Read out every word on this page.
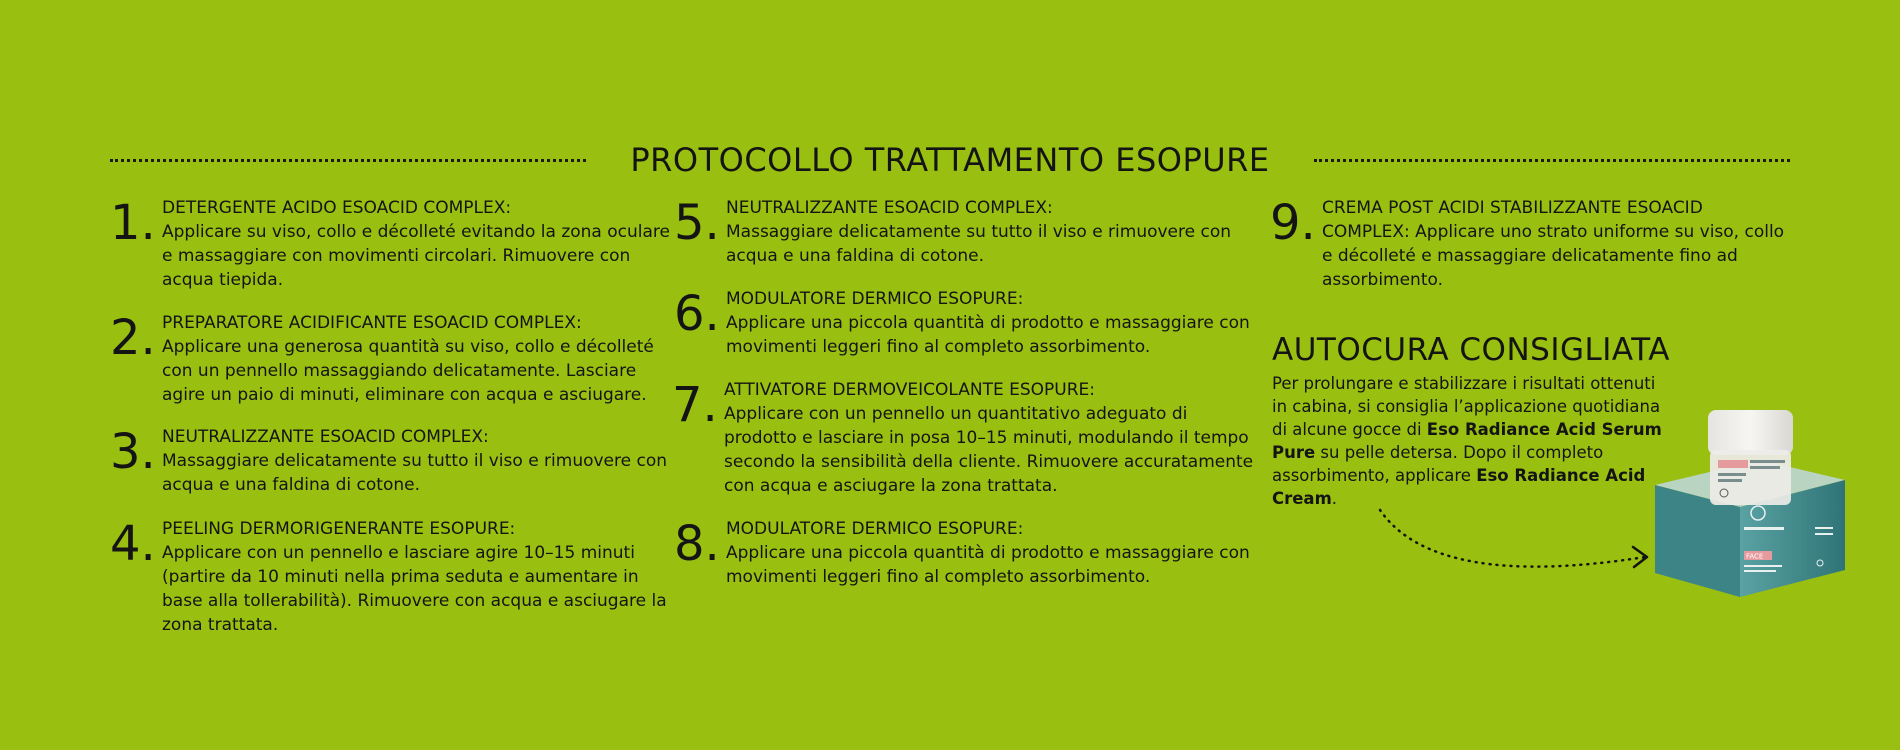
PROTOCOLLO TRATTAMENTO ESOPURE
1. DETERGENTE ACIDO ESOACID COMPLEX:
Applicare su viso, collo e décolleté evitando la zona oculare e massaggiare con movimenti circolari. Rimuovere con acqua tiepida.
2. PREPARATORE ACIDIFICANTE ESOACID COMPLEX:
Applicare una generosa quantità su viso, collo e décolleté con un pennello massaggiando delicatamente. Lasciare agire un paio di minuti, eliminare con acqua e asciugare.
3. NEUTRALIZZANTE ESOACID COMPLEX:
Massaggiare delicatamente su tutto il viso e rimuovere con acqua e una faldina di cotone.
4. PEELING DERMORIGENERANTE ESOPURE:
Applicare con un pennello e lasciare agire 10–15 minuti (partire da 10 minuti nella prima seduta e aumentare in base alla tollerabilità). Rimuovere con acqua e asciugare la zona trattata.
5. NEUTRALIZZANTE ESOACID COMPLEX:
Massaggiare delicatamente su tutto il viso e rimuovere con acqua e una faldina di cotone.
6. MODULATORE DERMICO ESOPURE:
Applicare una piccola quantità di prodotto e massaggiare con movimenti leggeri fino al completo assorbimento.
7. ATTIVATORE DERMOVEICOLANTE ESOPURE:
Applicare con un pennello un quantitativo adeguato di prodotto e lasciare in posa 10–15 minuti, modulando il tempo secondo la sensibilità della cliente. Rimuovere accuratamente con acqua e asciugare la zona trattata.
8. MODULATORE DERMICO ESOPURE:
Applicare una piccola quantità di prodotto e massaggiare con movimenti leggeri fino al completo assorbimento.
9. CREMA POST ACIDI STABILIZZANTE ESOACID COMPLEX: Applicare uno strato uniforme su viso, collo e décolleté e massaggiare delicatamente fino ad assorbimento.
AUTOCURA CONSIGLIATA

Per prolungare e stabilizzare i risultati ottenuti in cabina, si consiglia l’applicazione quotidiana di alcune gocce di Eso Radiance Acid Serum Pure su pelle detersa. Dopo il completo assorbimento, applicare Eso Radiance Acid Cream.

FACE
